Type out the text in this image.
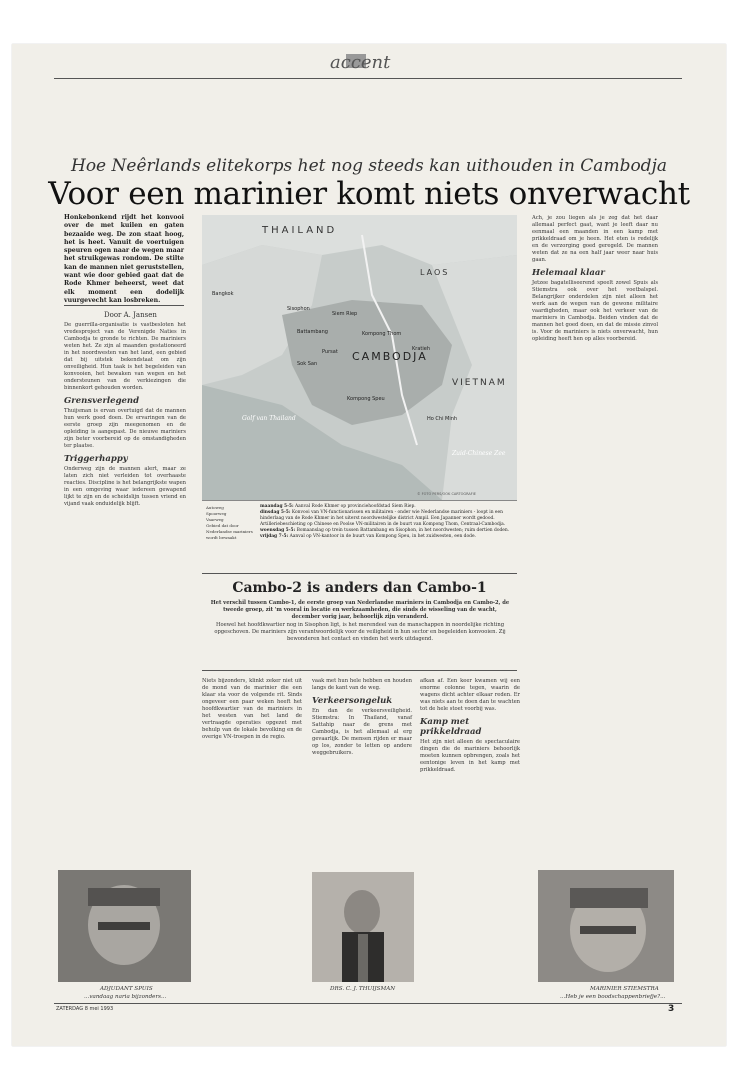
accent
Hoe Neêrlands elitekorps het nog steeds kan uithouden in Cambodja
Voor een marinier komt niets onverwacht
Honkebonkend rijdt het konvooi over de met kuilen en gaten bezaaide weg. De zon staat hoog, het is heet. Vanuit de voertuigen speuren ogen naar de wegen maar het struikgewas rondom. De stilte kan de mannen niet geruststellen, want wie door gebied gaat dat de Rode Khmer beheerst, weet dat elk moment een dodelijk vuurgevecht kan losbreken.
Door A. Jansen
De guerrilla-organisatie is vastbesloten het vredesproject van de Verenigde Naties in Cambodja te gronde te richten. De mariniers weten het. Ze zijn al maanden gestationeerd in het noordwesten van het land, een gebied dat bij uitstek bekendstaat om zijn onveiligheid. Hun taak is het begeleiden van konvooien, het bewaken van wegen en het ondersteunen van de verkiezingen die binnenkort gehouden worden.
Grensverlegend
Thuijsman is ervan overtuigd dat de mannen hun werk goed doen. De ervaringen van de eerste groep zijn meegenomen en de opleiding is aangepast. De nieuwe mariniers zijn beter voorbereid op de omstandigheden ter plaatse.
Triggerhappy
Onderweg zijn de mannen alert, maar ze laten zich niet verleiden tot overhaaste reacties. Discipline is het belangrijkste wapen in een omgeving waar iedereen gewapend lijkt te zijn en de scheidslijn tussen vriend en vijand vaak onduidelijk blijft.
THAILAND
LAOS
CAMBODJA
VIETNAM
Bangkok
Siem Riep
Sisophon
Battambang	Kompong Thom
Kratieh
Pursat
Sok San
Kompong Speu
Ho Chi Minh
Golf van Thailand
Zuid-Chinese Zee
© FOTO PERS/OOK CARTOGRAFIE
Autoweg
Spoorweg
Vaarweg
Gebied dat door Nederlandse mariniers wordt bewaakt
maandag 5-5: Aanval Rode Khmer op provinciehoofdstad Siem Riep.
dinsdag 5-5: Konvooi van VN-functionarissen en militairen - onder wie Nederlandse mariniers - loopt in een hinderlaag van de Rode Khmer in het uiterst noordwestelijke district Ampil. Een Japanner wordt gedood. Artilleriebeschieting op Chinese en Poolse VN-militairen in de buurt van Kompong Thom, Centraal-Cambodja.
woensdag 5-5: Bomaanslag op trein tussen Battambang en Sisophon, in het noordwesten; ruim dertien doden.
vrijdag 7-5: Aanval op VN-kantoor in de buurt van Kompong Speu, in het zuidwesten, een dode.
Cambo-2 is anders dan Cambo-1
Het verschil tussen Cambo-1, de eerste groep van Nederlandse mariniers in Cambodja en Cambo-2, de tweede groep, zit 'm vooral in locatie en werkzaamheden, die sinds de wisseling van de wacht, december vorig jaar, behoorlijk zijn veranderd.
Hoewel het hoofdkwartier nog in Sisophon ligt, is het merendeel van de manschappen in noordelijke richting opgeschoven. De mariniers zijn verantwoordelijk voor de veiligheid in hun sector en begeleiden konvooien. Zij bewonderen het contact en vinden het werk uitdagend.
Ach, je zou liegen als je zeg dat het daar allemaal perfect gaat, want je leeft daar nu eenmaal een maanden in een kamp met prikkeldraad om je heen. Het eten is redelijk en de verzorging goed geregeld. De mannen weten dat ze na een half jaar weer naar huis gaan.
Helemaal klaar
Jetzee bagatelliseerend speelt zowel Spuis als Stiemstra ook over het voetbalspel. Belangrijker onderdelen zijn niet alleen het werk aan de wegen van de gewone militaire vaardigheden, maar ook het verkeer van de mariniers in Cambodja. Beiden vinden dat de mannen het goed doen, en dat de missie zinvol is. Voor de mariniers is niets onverwacht, hun opleiding heeft hen op alles voorbereid.
Niets bijzonders, klinkt zeker niet uit de mond van de marinier die een klaar sta voor de volgende rit. Sinds ongeveer een paar weken heeft het hoofdkwartier van de mariniers in het westen van het land de vertraagde operaties opgezet met behulp van de lokale bevolking en de overige VN-troepen in de regio.
vaak met hun hele hebben en houden langs de kant van de weg.
Verkeersongeluk
En dan de verkeersveiligheid. Stiemstra: In Thailand, vanaf Sattahip naar de grens met Cambodja, is het allemaal al erg gevaarlijk. De mensen rijden er maar op los, zonder te letten op andere weggebruikers.
afkan af. Een keer kwamen wij een enorme colonne tegen, waarin de wagens dicht achter elkaar reden. Er was niets aan te doen dan te wachten tot de hele stoet voorbij was.
Kamp met prikkeldraad
Het zijn niet alleen de spectaculaire dingen die de mariniers behoorlijk moeten kunnen opbrengen, zoals het eentonige leven in het kamp met prikkeldraad.
ADJUDANT SPUIS
...vandaag naria bijzonders...
DRS. C. J. THUIJSMAN	MARINIER STIEMSTRA
...Heb je een boodschappenbriefje?...
ZATERDAG 8 mei 1993	3
